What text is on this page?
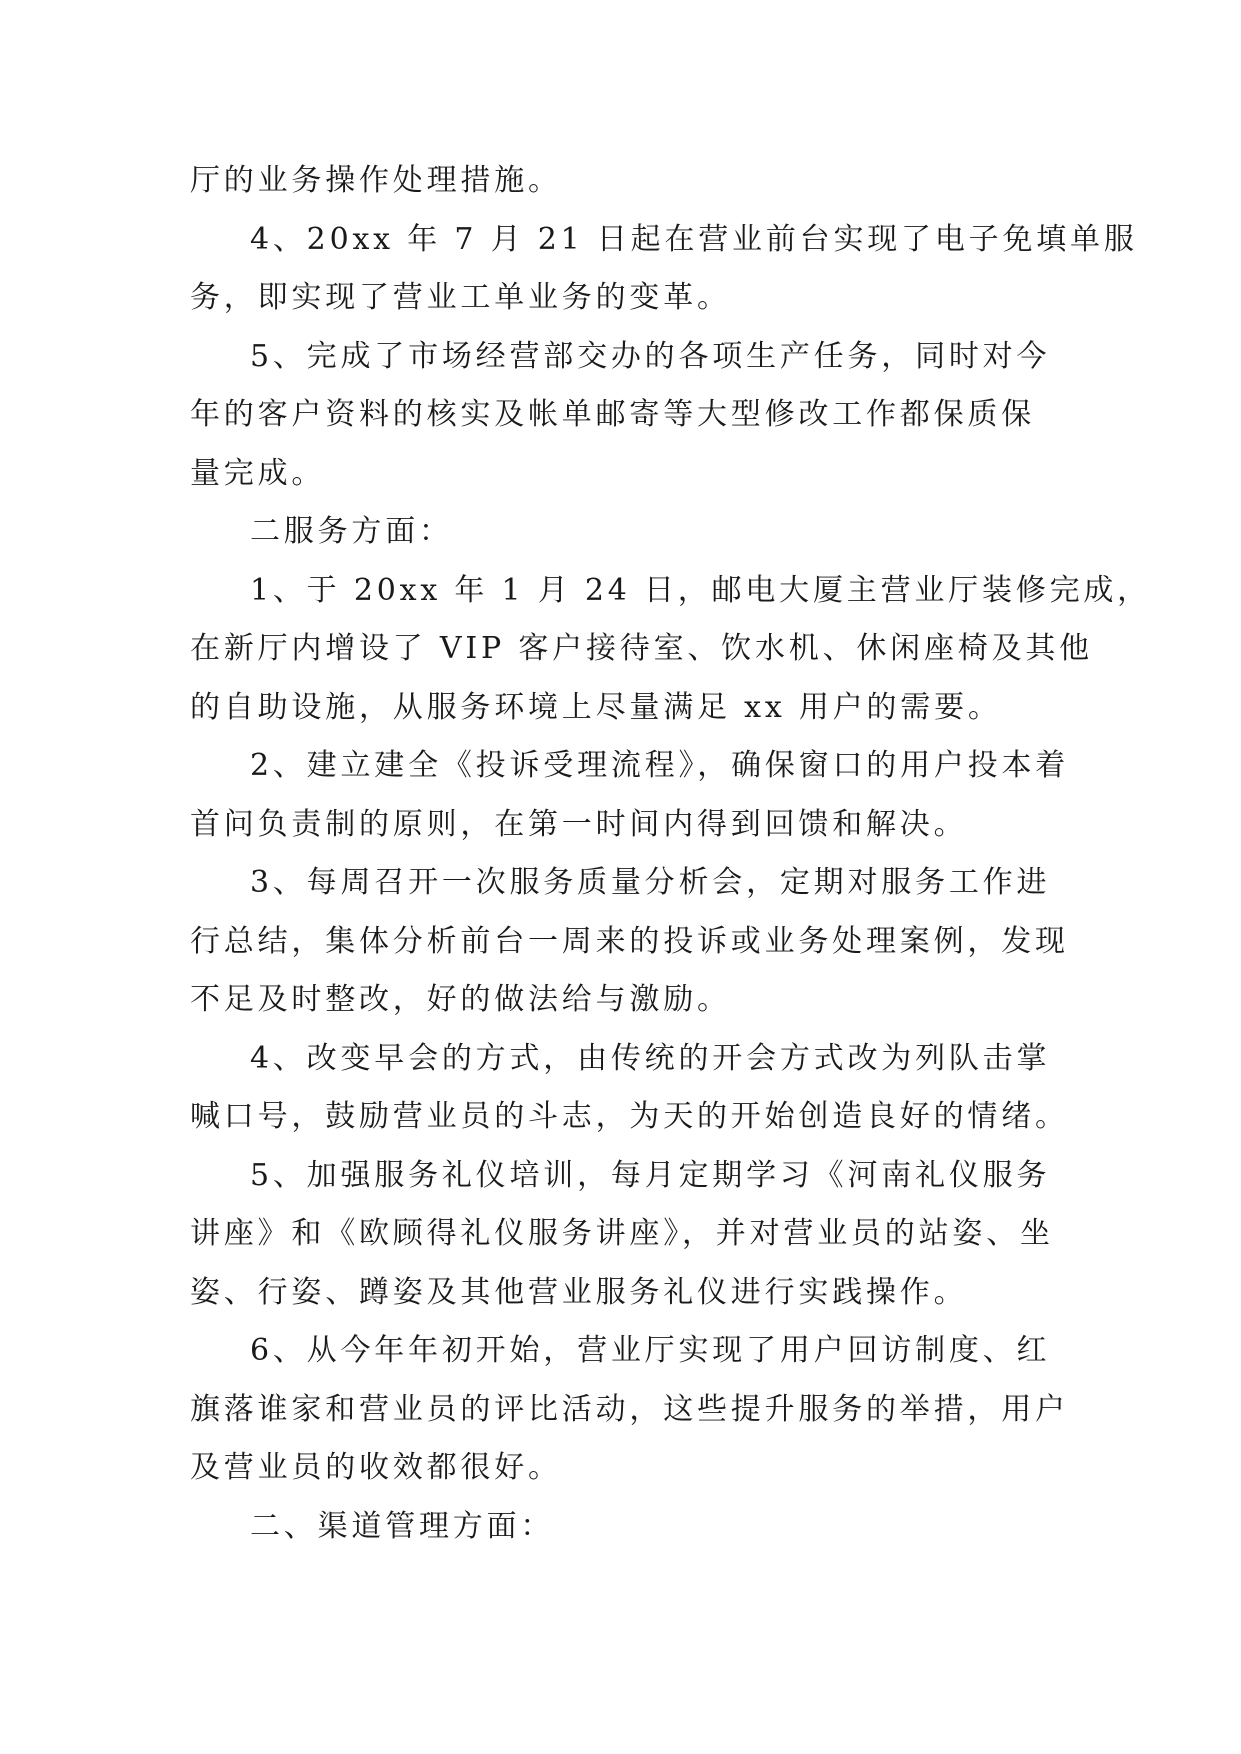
厅的业务操作处理措施。
4、20xx 年 7 月 21 日起在营业前台实现了电子免填单服
务，即实现了营业工单业务的变革。
5、完成了市场经营部交办的各项生产任务，同时对今
年的客户资料的核实及帐单邮寄等大型修改工作都保质保
量完成。
二服务方面：
1、于 20xx 年 1 月 24 日，邮电大厦主营业厅装修完成，
在新厅内增设了 VIP 客户接待室、饮水机、休闲座椅及其他
的自助设施，从服务环境上尽量满足 xx 用户的需要。
2、建立建全《投诉受理流程》，确保窗口的用户投本着
首问负责制的原则，在第一时间内得到回馈和解决。
3、每周召开一次服务质量分析会，定期对服务工作进
行总结，集体分析前台一周来的投诉或业务处理案例，发现
不足及时整改，好的做法给与激励。
4、改变早会的方式，由传统的开会方式改为列队击掌
喊口号，鼓励营业员的斗志，为天的开始创造良好的情绪。
5、加强服务礼仪培训，每月定期学习《河南礼仪服务
讲座》和《欧顾得礼仪服务讲座》，并对营业员的站姿、坐
姿、行姿、蹲姿及其他营业服务礼仪进行实践操作。
6、从今年年初开始，营业厅实现了用户回访制度、红
旗落谁家和营业员的评比活动，这些提升服务的举措，用户
及营业员的收效都很好。
二、渠道管理方面：
